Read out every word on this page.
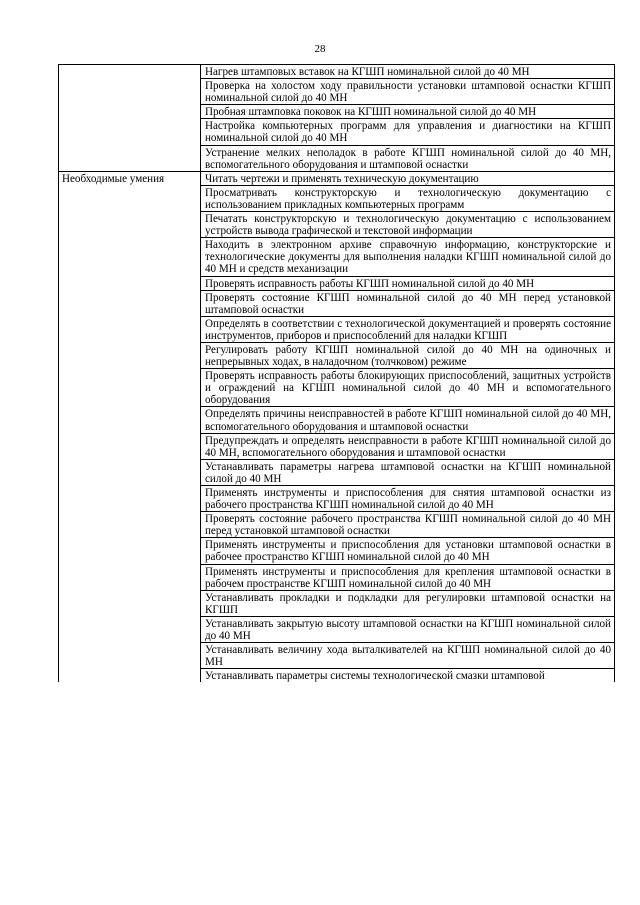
28
	Нагрев штамповых вставок на КГШП номинальной силой до 40 МН
	Проверка на холостом ходу правильности установки штамповой оснастки КГШП номинальной силой до 40 МН
	Пробная штамповка поковок на КГШП номинальной силой до 40 МН
	Настройка компьютерных программ для управления и диагностики на КГШП номинальной силой до 40 МН
	Устранение мелких неполадок в работе КГШП номинальной силой до 40 МН, вспомогательного оборудования и штамповой оснастки
Необходимые умения	Читать чертежи и применять техническую документацию
	Просматривать конструкторскую и технологическую документацию с использованием прикладных компьютерных программ
	Печатать конструкторскую и технологическую документацию с использованием устройств вывода графической и текстовой информации
	Находить в электронном архиве справочную информацию, конструкторские и технологические документы для выполнения наладки КГШП номинальной силой до 40 МН и средств механизации
	Проверять исправность работы КГШП номинальной силой до 40 МН
	Проверять состояние КГШП номинальной силой до 40 МН перед установкой штамповой оснастки
	Определять в соответствии с технологической документацией и проверять состояние инструментов, приборов и приспособлений для наладки КГШП
	Регулировать работу КГШП номинальной силой до 40 МН на одиночных и непрерывных ходах, в наладочном (толчковом) режиме
	Проверять исправность работы блокирующих приспособлений, защитных устройств и ограждений на КГШП номинальной силой до 40 МН и вспомогательного оборудования
	Определять причины неисправностей в работе КГШП номинальной силой до 40 МН, вспомогательного оборудования и штамповой оснастки
	Предупреждать и определять неисправности в работе КГШП номинальной силой до 40 МН, вспомогательного оборудования и штамповой оснастки
	Устанавливать параметры нагрева штамповой оснастки на КГШП номинальной силой до 40 МН
	Применять инструменты и приспособления для снятия штамповой оснастки из рабочего пространства КГШП номинальной силой до 40 МН
	Проверять состояние рабочего пространства КГШП номинальной силой до 40 МН перед установкой штамповой оснастки
	Применять инструменты и приспособления для установки штамповой оснастки в рабочее пространство КГШП номинальной силой до 40 МН
	Применять инструменты и приспособления для крепления штамповой оснастки в рабочем пространстве КГШП номинальной силой до 40 МН
	Устанавливать прокладки и подкладки для регулировки штамповой оснастки на КГШП
	Устанавливать закрытую высоту штамповой оснастки на КГШП номинальной силой до 40 МН
	Устанавливать величину хода выталкивателей на КГШП номинальной силой до 40 МН
	Устанавливать параметры системы технологической смазки штамповой
